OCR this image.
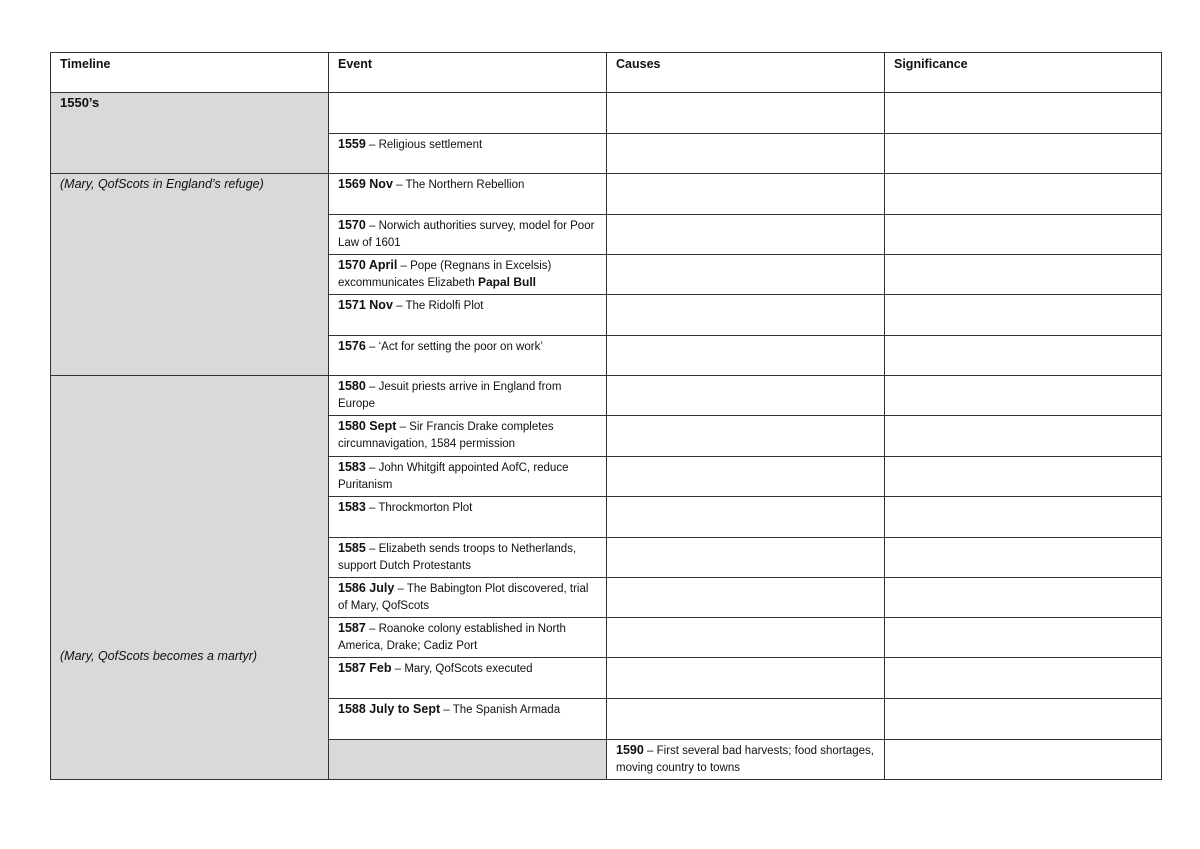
Timeline	Event	Causes	Significance	
1550’s				
	1559 – Religious settlement			
(Mary, QofScots in England’s refuge)	1569 Nov – The Northern Rebellion			
	1570 – Norwich authorities survey, model for Poor Law of 1601			
	1570 April – Pope (Regnans in Excelsis) excommunicates Elizabeth Papal Bull			
	1571 Nov – The Ridolfi Plot			
	1576 – ‘Act for setting the poor on work’			

(Mary, QofScots becomes a martyr)	1580 – Jesuit priests arrive in England from Europe			
	1580 Sept – Sir Francis Drake completes circumnavigation, 1584 permission			
	1583 – John Whitgift appointed AofC, reduce Puritanism			
	1583 – Throckmorton Plot			
	1585 – Elizabeth sends troops to Netherlands, support Dutch Protestants			
	1586 July – The Babington Plot discovered, trial of Mary, QofScots			
	1587 – Roanoke colony established in North America, Drake; Cadiz Port			
	1587 Feb – Mary, QofScots executed			
	1588 July to Sept – The Spanish Armada			
		1590 – First several bad harvests; food shortages, moving country to towns		
